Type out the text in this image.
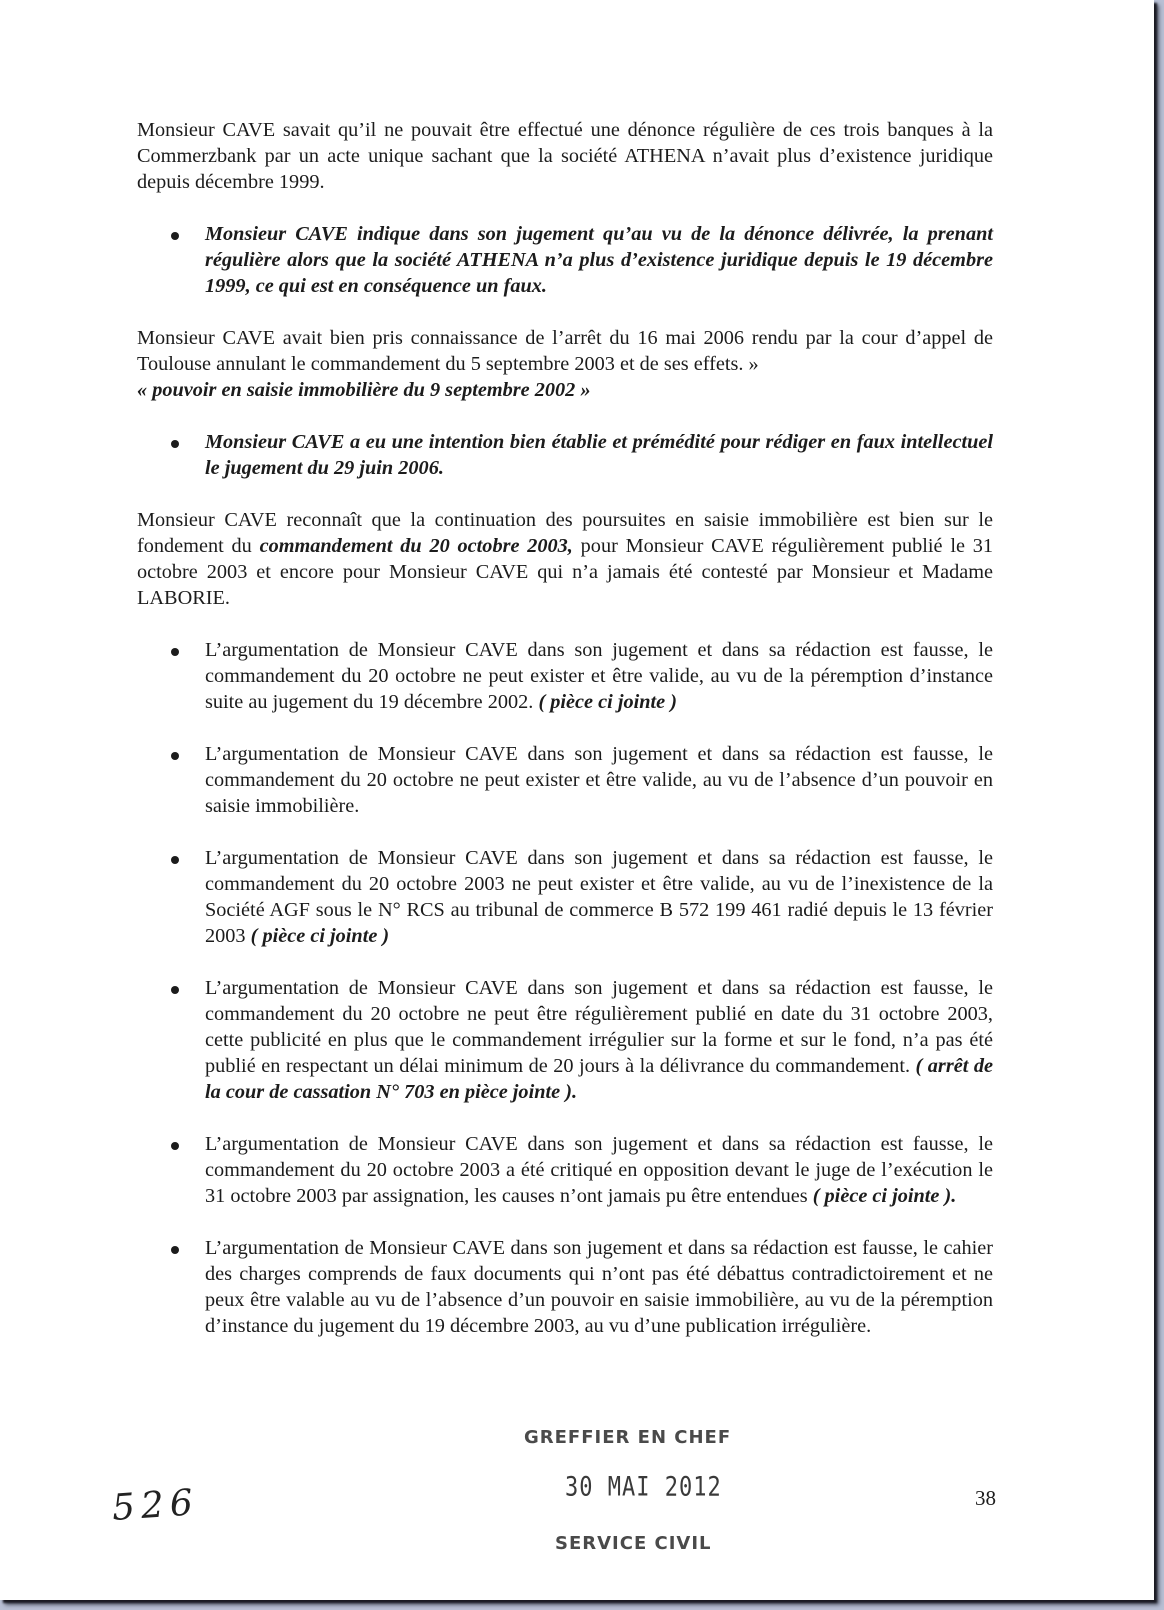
Monsieur CAVE savait qu’il ne pouvait être effectué une dénonce régulière de ces trois banques à la Commerzbank par un acte unique sachant que la société ATHENA n’avait plus d’existence juridique depuis décembre 1999.

Monsieur CAVE indique dans son jugement qu’au vu de la dénonce délivrée, la prenant régulière alors que la société ATHENA n’a plus d’existence juridique depuis le 19 décembre 1999, ce qui est en conséquence un faux.

Monsieur CAVE avait bien pris connaissance de l’arrêt du 16 mai 2006 rendu par la cour d’appel de Toulouse annulant le commandement du 5 septembre 2003 et de ses effets. »

« pouvoir en saisie immobilière du 9 septembre 2002 »

Monsieur CAVE a eu une intention bien établie et prémédité pour rédiger en faux intellectuel le jugement du 29 juin 2006.

Monsieur CAVE reconnaît que la continuation des poursuites en saisie immobilière est bien sur le fondement du commandement du 20 octobre 2003, pour Monsieur CAVE régulièrement publié le 31 octobre 2003 et encore pour Monsieur CAVE qui n’a jamais été contesté par Monsieur et Madame LABORIE.

L’argumentation de Monsieur CAVE dans son jugement et dans sa rédaction est fausse, le commandement du 20 octobre ne peut exister et être valide, au vu de la péremption d’instance suite au jugement du 19 décembre 2002. ( pièce ci jointe )
L’argumentation de Monsieur CAVE dans son jugement et dans sa rédaction est fausse, le commandement du 20 octobre ne peut exister et être valide, au vu de l’absence d’un pouvoir en saisie immobilière.
L’argumentation de Monsieur CAVE dans son jugement et dans sa rédaction est fausse, le commandement du 20 octobre 2003 ne peut exister et être valide, au vu de l’inexistence de la Société AGF sous le N° RCS au tribunal de commerce B 572 199 461 radié depuis le 13 février 2003 ( pièce ci jointe )
L’argumentation de Monsieur CAVE dans son jugement et dans sa rédaction est fausse, le commandement du 20 octobre ne peut être régulièrement publié en date du 31 octobre 2003, cette publicité en plus que le commandement irrégulier sur la forme et sur le fond, n’a pas été publié en respectant un délai minimum de 20 jours à la délivrance du commandement. ( arrêt de la cour de cassation N° 703 en pièce jointe ).
L’argumentation de Monsieur CAVE dans son jugement et dans sa rédaction est fausse, le commandement du 20 octobre 2003 a été critiqué en opposition devant le juge de l’exécution le 31 octobre 2003 par assignation, les causes n’ont jamais pu être entendues ( pièce ci jointe ).
L’argumentation de Monsieur CAVE dans son jugement et dans sa rédaction est fausse, le cahier des charges comprends de faux documents qui n’ont pas été débattus contradictoirement et ne peux être valable au vu de l’absence d’un pouvoir en saisie immobilière, au vu de la péremption d’instance du jugement du 19 décembre 2003, au vu d’une publication irrégulière.
GREFFIER EN CHEF
30 MAI 2012
SERVICE CIVIL
526	38
